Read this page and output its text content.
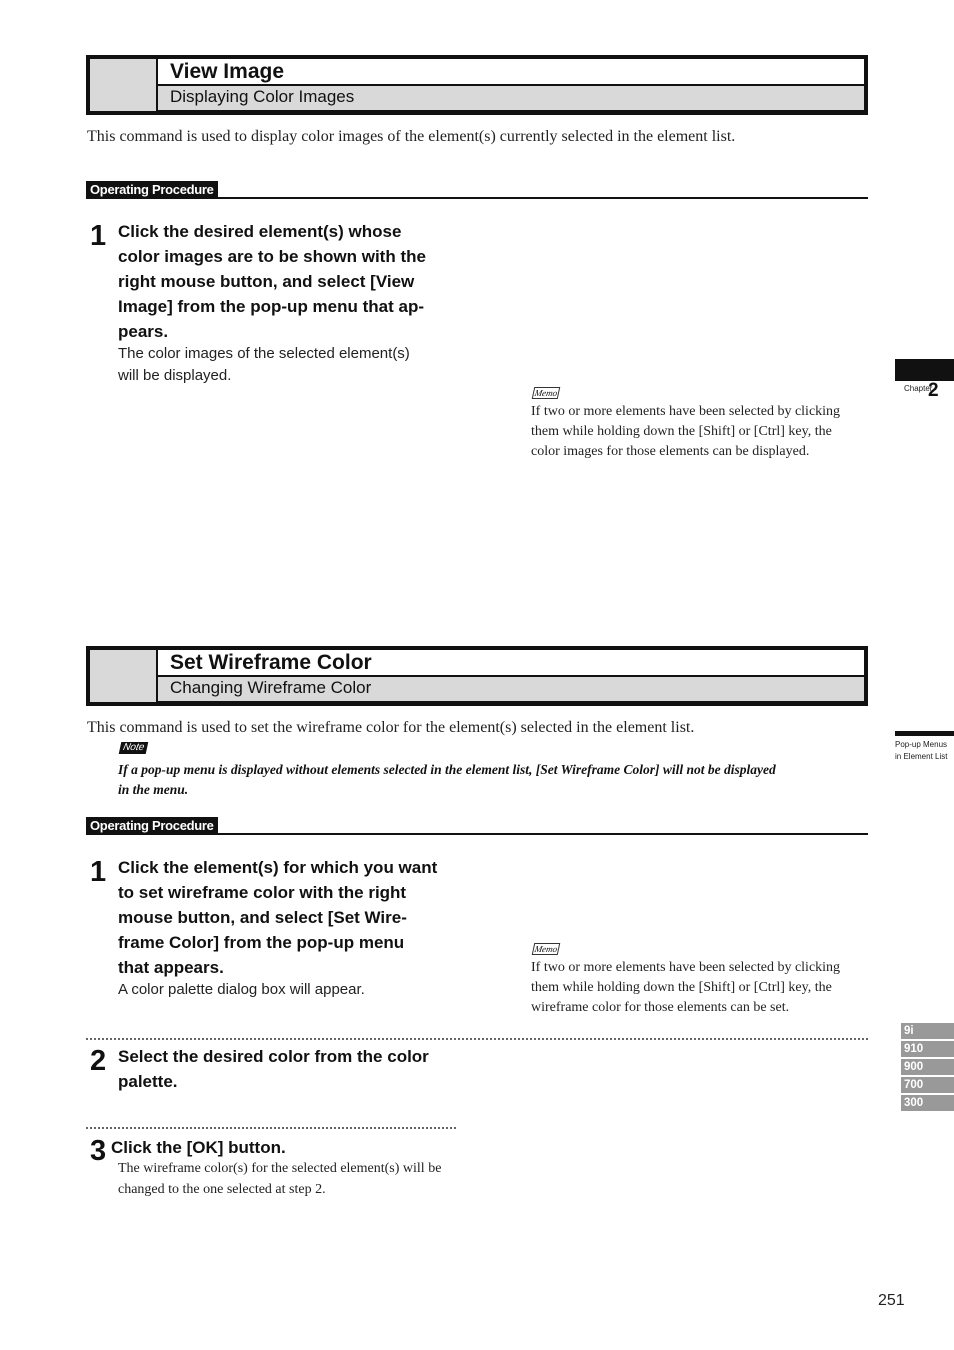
View Image
Displaying Color Images
This command is used to display color images of the element(s) currently selected in the element list.
Operating Procedure
1 Click the desired element(s) whose
color images are to be shown with the
right mouse button, and select [View
Image] from the pop-up menu that ap-
pears.
The color images of the selected element(s)
will be displayed.
Memo
If two or more elements have been selected by clicking
them while holding down the [Shift] or [Ctrl] key, the
color images for those elements can be displayed.
Set Wireframe Color
Changing Wireframe Color
This command is used to set the wireframe color for the element(s) selected in the element list.
Note
If a pop-up menu is displayed without elements selected in the element list, [Set Wireframe Color] will not be displayed
in the menu.
Operating Procedure
1 Click the element(s) for which you want
to set wireframe color with the right
mouse button, and select [Set Wire-
frame Color] from the pop-up menu
that appears.
A color palette dialog box will appear.
Memo
If two or more elements have been selected by clicking
them while holding down the [Shift] or [Ctrl] key, the
wireframe color for those elements can be set.
2 Select the desired color from the color
palette.
3 Click the [OK] button.
The wireframe color(s) for the selected element(s) will be
changed to the one selected at step 2.
Chapter
2
Pop-up Menus
in Element List
9i
910
900
700
300
251
